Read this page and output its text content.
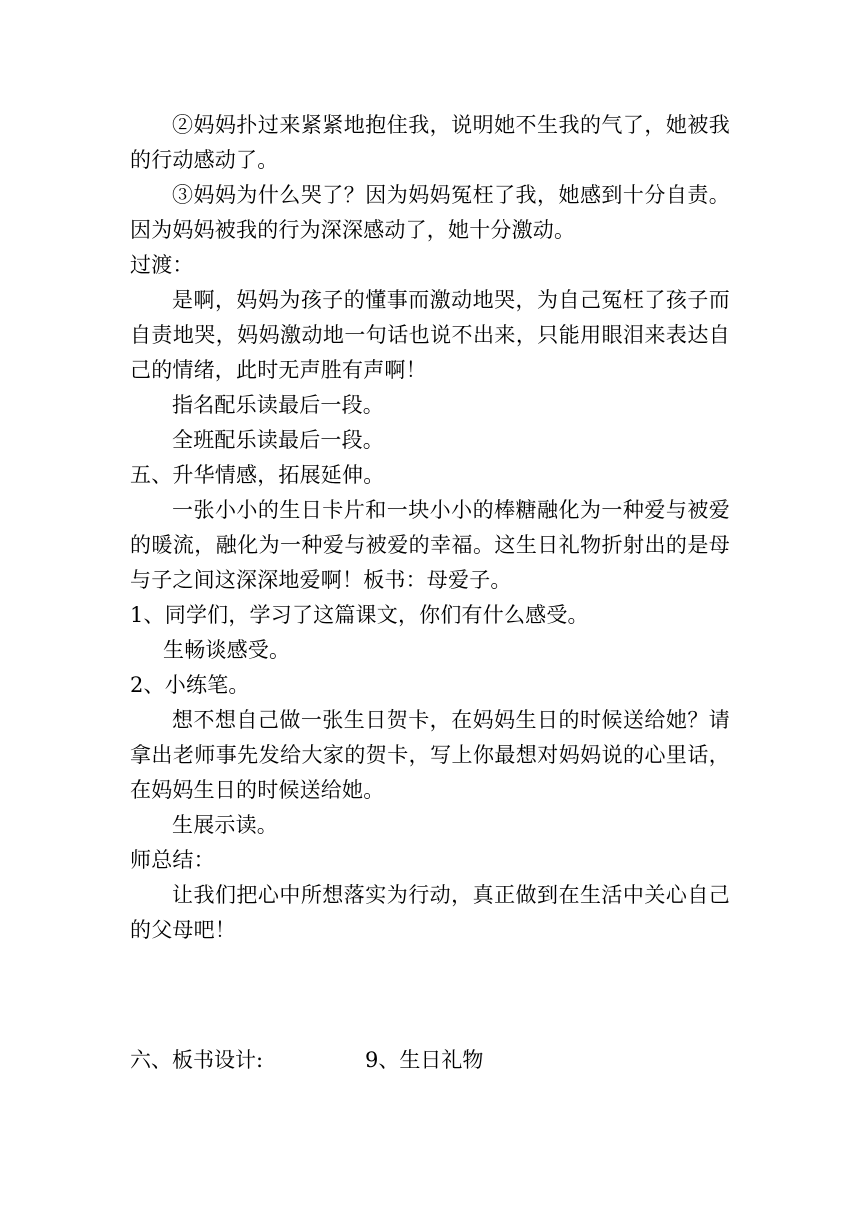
②妈妈扑过来紧紧地抱住我，说明她不生我的气了，她被我的行动感动了。
③妈妈为什么哭了？因为妈妈冤枉了我，她感到十分自责。因为妈妈被我的行为深深感动了，她十分激动。
过渡：
是啊，妈妈为孩子的懂事而激动地哭，为自己冤枉了孩子而自责地哭，妈妈激动地一句话也说不出来，只能用眼泪来表达自己的情绪，此时无声胜有声啊！
指名配乐读最后一段。
全班配乐读最后一段。
五、升华情感，拓展延伸。
一张小小的生日卡片和一块小小的棒糖融化为一种爱与被爱的暖流，融化为一种爱与被爱的幸福。这生日礼物折射出的是母与子之间这深深地爱啊！板书：母爱子。
1、同学们，学习了这篇课文，你们有什么感受。
生畅谈感受。
2、小练笔。
想不想自己做一张生日贺卡，在妈妈生日的时候送给她？请拿出老师事先发给大家的贺卡，写上你最想对妈妈说的心里话，在妈妈生日的时候送给她。
生展示读。
师总结：
让我们把心中所想落实为行动，真正做到在生活中关心自己的父母吧！
六、板书设计:	9、生日礼物
